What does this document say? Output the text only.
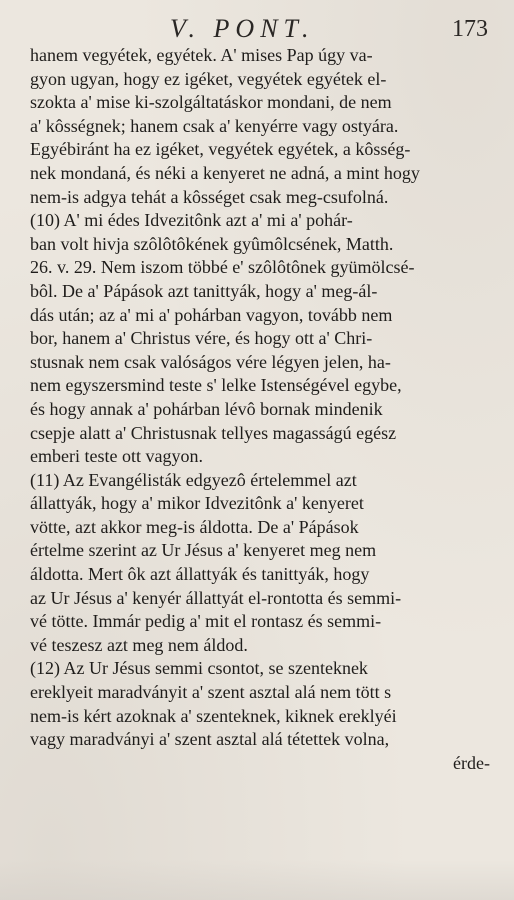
V. PONT.	173
hanem vegyétek, egyétek. A' mises Pap úgy va-
gyon ugyan, hogy ez igéket, vegyétek egyétek el-
szokta a' mise ki-szolgáltatáskor mondani, de nem
a' kôsségnek; hanem csak a' kenyérre vagy ostyára.
Egyébiránt ha ez igéket, vegyétek egyétek, a kôsség-
nek mondaná, és néki a kenyeret ne adná, a mint hogy
nem-is adgya tehát a kôsséget csak meg-csufolná.
(10) A' mi édes Idvezitônk azt a' mi a' pohár-
ban volt hivja szôlôtôkének gyûmôlcsének, Matth.
26. v. 29. Nem iszom többé e' szôlôtônek gyümölcsé-
bôl. De a' Pápások azt tanittyák, hogy a' meg-ál-
dás után; az a' mi a' pohárban vagyon, tovább nem
bor, hanem a' Christus vére, és hogy ott a' Chri-
stusnak nem csak valóságos vére légyen jelen, ha-
nem egyszersmind teste s' lelke Istenségével egybe,
és hogy annak a' pohárban lévô bornak mindenik
csepje alatt a' Christusnak tellyes magasságú egész
emberi teste ott vagyon.
(11) Az Evangélisták edgyezô értelemmel azt
állattyák, hogy a' mikor Idvezitônk a' kenyeret
vötte, azt akkor meg-is áldotta. De a' Pápások
értelme szerint az Ur Jésus a' kenyeret meg nem
áldotta. Mert ôk azt állattyák és tanittyák, hogy
az Ur Jésus a' kenyér állattyát el-rontotta és semmi-
vé tötte. Immár pedig a' mit el rontasz és semmi-
vé teszesz azt meg nem áldod.
(12) Az Ur Jésus semmi csontot, se szenteknek
ereklyeit maradványit a' szent asztal alá nem tött s
nem-is kért azoknak a' szenteknek, kiknek ereklyéi
vagy maradványi a' szent asztal alá tétettek volna,
érde-
